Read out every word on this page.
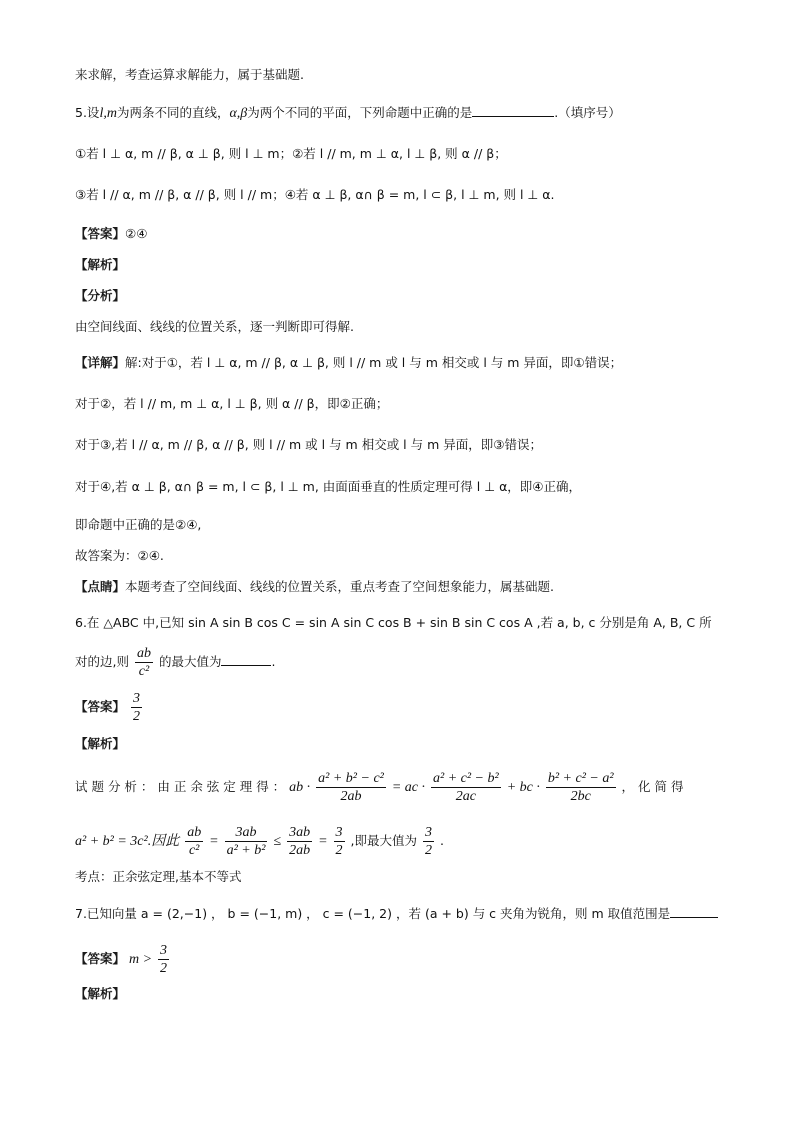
来求解，考查运算求解能力，属于基础题.
5.设l,m为两条不同的直线，α,β为两个不同的平面，下列命题中正确的是	.（填序号）
①若 l ⊥ α, m // β, α ⊥ β, 则 l ⊥ m；②若 l // m, m ⊥ α, l ⊥ β, 则 α // β；
③若 l // α, m // β, α // β, 则 l // m；④若 α ⊥ β, α∩ β = m, l ⊂ β, l ⊥ m, 则 l ⊥ α.
【答案】②④
【解析】
【分析】
由空间线面、线线的位置关系，逐一判断即可得解.
【详解】解:对于①，若 l ⊥ α, m // β, α ⊥ β, 则 l // m 或 l 与 m 相交或 l 与 m 异面，即①错误；
对于②，若 l // m, m ⊥ α, l ⊥ β, 则 α // β，即②正确；
对于③,若 l // α, m // β, α // β, 则 l // m 或 l 与 m 相交或 l 与 m 异面，即③错误；
对于④,若 α ⊥ β, α∩ β = m, l ⊂ β, l ⊥ m, 由面面垂直的性质定理可得 l ⊥ α，即④正确，
即命题中正确的是②④,
故答案为：②④.
【点睛】本题考查了空间线面、线线的位置关系，重点考查了空间想象能力，属基础题.
6.在 △ABC 中,已知 sin A sin B cos C = sin A sin C cos B + sin B sin C cos A ,若 a, b, c 分别是角 A, B, C 所
对的边,则 $\frac{ab}{\text{c²}}$ 的最大值为	.
【答案】 $\frac{3}{2}$
【解析】
试 题 分 析 ： 由 正 余 弦 定 理 得 ： ab · $\frac{\text{a² + b² − c²}}{2ab}$ = ac · $\frac{\text{a² + c² − b²}}{2ac}$ + bc · $\frac{\text{b² + c² − a²}}{2bc}$ ， 化 简 得
a² + b² = 3c².因此 $\frac{ab}{\text{c²}} = \frac{3ab}{\text{a² + b²}} \le \frac{3ab}{2ab} = \frac{3}{2}$ ,即最大值为 $\frac{3}{2}$ .
考点：正余弦定理,基本不等式
7.已知向量 a = (2,−1) ， b = (−1, m) ， c = (−1, 2) ，若 (a + b) 与 c 夹角为锐角，则 m 取值范围是
【答案】 $m > \frac{3}{2}$
【解析】
